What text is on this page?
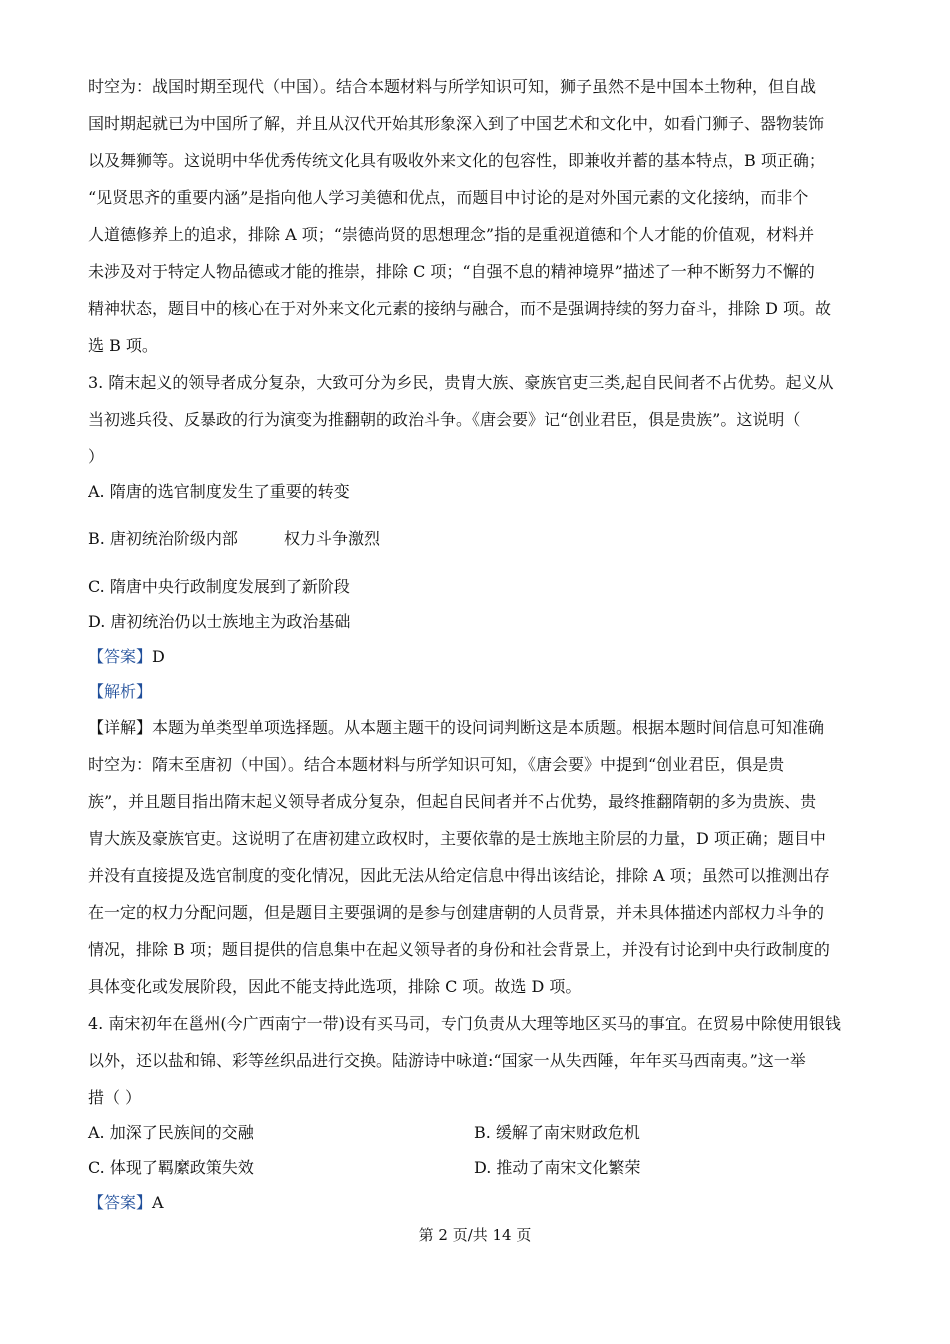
时空为：战国时期至现代（中国）。结合本题材料与所学知识可知，狮子虽然不是中国本土物种，但自战
国时期起就已为中国所了解，并且从汉代开始其形象深入到了中国艺术和文化中，如看门狮子、器物装饰
以及舞狮等。这说明中华优秀传统文化具有吸收外来文化的包容性，即兼收并蓄的基本特点，B 项正确；
“见贤思齐的重要内涵”是指向他人学习美德和优点，而题目中讨论的是对外国元素的文化接纳，而非个
人道德修养上的追求，排除 A 项；“崇德尚贤的思想理念”指的是重视道德和个人才能的价值观，材料并
未涉及对于特定人物品德或才能的推崇，排除 C 项；“自强不息的精神境界”描述了一种不断努力不懈的
精神状态，题目中的核心在于对外来文化元素的接纳与融合，而不是强调持续的努力奋斗，排除 D 项。故
选 B 项。
3. 隋末起义的领导者成分复杂，大致可分为乡民，贵胄大族、豪族官吏三类,起自民间者不占优势。起义从
当初逃兵役、反暴政的行为演变为推翻朝的政治斗争。《唐会要》记“创业君臣，俱是贵族”。这说明（
）
A. 隋唐的选官制度发生了重要的转变
B. 唐初统治阶级内部	权力斗争激烈
C. 隋唐中央行政制度发展到了新阶段
D. 唐初统治仍以士族地主为政治基础
【答案】D
【解析】
【详解】本题为单类型单项选择题。从本题主题干的设问词判断这是本质题。根据本题时间信息可知准确
时空为：隋末至唐初（中国）。结合本题材料与所学知识可知，《唐会要》中提到“创业君臣，俱是贵
族”，并且题目指出隋末起义领导者成分复杂，但起自民间者并不占优势，最终推翻隋朝的多为贵族、贵
胄大族及豪族官吏。这说明了在唐初建立政权时，主要依靠的是士族地主阶层的力量，D 项正确；题目中
并没有直接提及选官制度的变化情况，因此无法从给定信息中得出该结论，排除 A 项；虽然可以推测出存
在一定的权力分配问题，但是题目主要强调的是参与创建唐朝的人员背景，并未具体描述内部权力斗争的
情况，排除 B 项；题目提供的信息集中在起义领导者的身份和社会背景上，并没有讨论到中央行政制度的
具体变化或发展阶段，因此不能支持此选项，排除 C 项。故选 D 项。
4. 南宋初年在邕州(今广西南宁一带)设有买马司，专门负责从大理等地区买马的事宜。在贸易中除使用银钱
以外，还以盐和锦、彩等丝织品进行交换。陆游诗中咏道:“国家一从失西陲，年年买马西南夷。”这一举
措（ ）
A. 加深了民族间的交融	B. 缓解了南宋财政危机
C. 体现了羁縻政策失效	D. 推动了南宋文化繁荣
【答案】A
第 2 页/共 14 页
